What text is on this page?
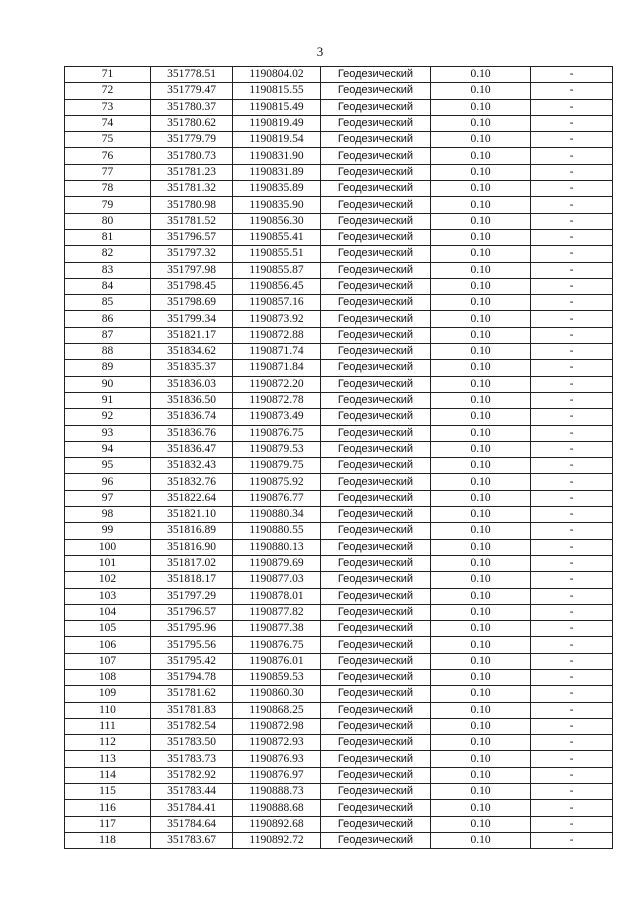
3
71	351778.51	1190804.02	Геодезический	0.10	-
72	351779.47	1190815.55	Геодезический	0.10	-
73	351780.37	1190815.49	Геодезический	0.10	-
74	351780.62	1190819.49	Геодезический	0.10	-
75	351779.79	1190819.54	Геодезический	0.10	-
76	351780.73	1190831.90	Геодезический	0.10	-
77	351781.23	1190831.89	Геодезический	0.10	-
78	351781.32	1190835.89	Геодезический	0.10	-
79	351780.98	1190835.90	Геодезический	0.10	-
80	351781.52	1190856.30	Геодезический	0.10	-
81	351796.57	1190855.41	Геодезический	0.10	-
82	351797.32	1190855.51	Геодезический	0.10	-
83	351797.98	1190855.87	Геодезический	0.10	-
84	351798.45	1190856.45	Геодезический	0.10	-
85	351798.69	1190857.16	Геодезический	0.10	-
86	351799.34	1190873.92	Геодезический	0.10	-
87	351821.17	1190872.88	Геодезический	0.10	-
88	351834.62	1190871.74	Геодезический	0.10	-
89	351835.37	1190871.84	Геодезический	0.10	-
90	351836.03	1190872.20	Геодезический	0.10	-
91	351836.50	1190872.78	Геодезический	0.10	-
92	351836.74	1190873.49	Геодезический	0.10	-
93	351836.76	1190876.75	Геодезический	0.10	-
94	351836.47	1190879.53	Геодезический	0.10	-
95	351832.43	1190879.75	Геодезический	0.10	-
96	351832.76	1190875.92	Геодезический	0.10	-
97	351822.64	1190876.77	Геодезический	0.10	-
98	351821.10	1190880.34	Геодезический	0.10	-
99	351816.89	1190880.55	Геодезический	0.10	-
100	351816.90	1190880.13	Геодезический	0.10	-
101	351817.02	1190879.69	Геодезический	0.10	-
102	351818.17	1190877.03	Геодезический	0.10	-
103	351797.29	1190878.01	Геодезический	0.10	-
104	351796.57	1190877.82	Геодезический	0.10	-
105	351795.96	1190877.38	Геодезический	0.10	-
106	351795.56	1190876.75	Геодезический	0.10	-
107	351795.42	1190876.01	Геодезический	0.10	-
108	351794.78	1190859.53	Геодезический	0.10	-
109	351781.62	1190860.30	Геодезический	0.10	-
110	351781.83	1190868.25	Геодезический	0.10	-
111	351782.54	1190872.98	Геодезический	0.10	-
112	351783.50	1190872.93	Геодезический	0.10	-
113	351783.73	1190876.93	Геодезический	0.10	-
114	351782.92	1190876.97	Геодезический	0.10	-
115	351783.44	1190888.73	Геодезический	0.10	-
116	351784.41	1190888.68	Геодезический	0.10	-
117	351784.64	1190892.68	Геодезический	0.10	-
118	351783.67	1190892.72	Геодезический	0.10	-
